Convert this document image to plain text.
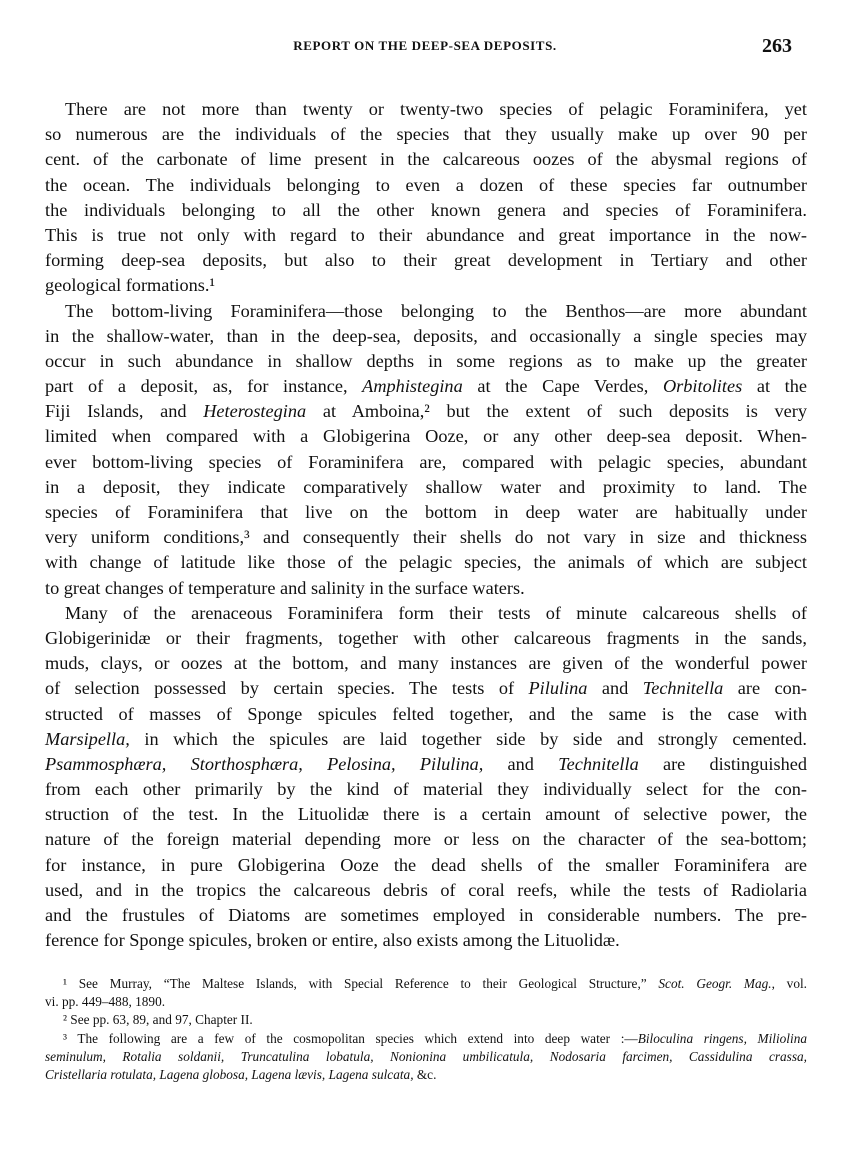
REPORT ON THE DEEP-SEA DEPOSITS.	263
There are not more than twenty or twenty-two species of pelagic Foraminifera, yet
so numerous are the individuals of the species that they usually make up over 90 per
cent. of the carbonate of lime present in the calcareous oozes of the abysmal regions of
the ocean. The individuals belonging to even a dozen of these species far outnumber
the individuals belonging to all the other known genera and species of Foraminifera.
This is true not only with regard to their abundance and great importance in the now-
forming deep-sea deposits, but also to their great development in Tertiary and other
geological formations.¹
The bottom-living Foraminifera—those belonging to the Benthos—are more abundant
in the shallow-water, than in the deep-sea, deposits, and occasionally a single species may
occur in such abundance in shallow depths in some regions as to make up the greater
part of a deposit, as, for instance, Amphistegina at the Cape Verdes, Orbitolites at the
Fiji Islands, and Heterostegina at Amboina,² but the extent of such deposits is very
limited when compared with a Globigerina Ooze, or any other deep-sea deposit. When-
ever bottom-living species of Foraminifera are, compared with pelagic species, abundant
in a deposit, they indicate comparatively shallow water and proximity to land. The
species of Foraminifera that live on the bottom in deep water are habitually under
very uniform conditions,³ and consequently their shells do not vary in size and thickness
with change of latitude like those of the pelagic species, the animals of which are subject
to great changes of temperature and salinity in the surface waters.
Many of the arenaceous Foraminifera form their tests of minute calcareous shells of
Globigerinidæ or their fragments, together with other calcareous fragments in the sands,
muds, clays, or oozes at the bottom, and many instances are given of the wonderful power
of selection possessed by certain species. The tests of Pilulina and Technitella are con-
structed of masses of Sponge spicules felted together, and the same is the case with
Marsipella, in which the spicules are laid together side by side and strongly cemented.
Psammosphæra, Storthosphæra, Pelosina, Pilulina, and Technitella are distinguished
from each other primarily by the kind of material they individually select for the con-
struction of the test. In the Lituolidæ there is a certain amount of selective power, the
nature of the foreign material depending more or less on the character of the sea-bottom;
for instance, in pure Globigerina Ooze the dead shells of the smaller Foraminifera are
used, and in the tropics the calcareous debris of coral reefs, while the tests of Radiolaria
and the frustules of Diatoms are sometimes employed in considerable numbers. The pre-
ference for Sponge spicules, broken or entire, also exists among the Lituolidæ.
¹ See Murray, “The Maltese Islands, with Special Reference to their Geological Structure,” Scot. Geogr. Mag., vol.
vi. pp. 449–488, 1890.
² See pp. 63, 89, and 97, Chapter II.
³ The following are a few of the cosmopolitan species which extend into deep water :—Biloculina ringens, Miliolina
seminulum, Rotalia soldanii, Truncatulina lobatula, Nonionina umbilicatula, Nodosaria farcimen, Cassidulina crassa,
Cristellaria rotulata, Lagena globosa, Lagena lævis, Lagena sulcata, &c.
